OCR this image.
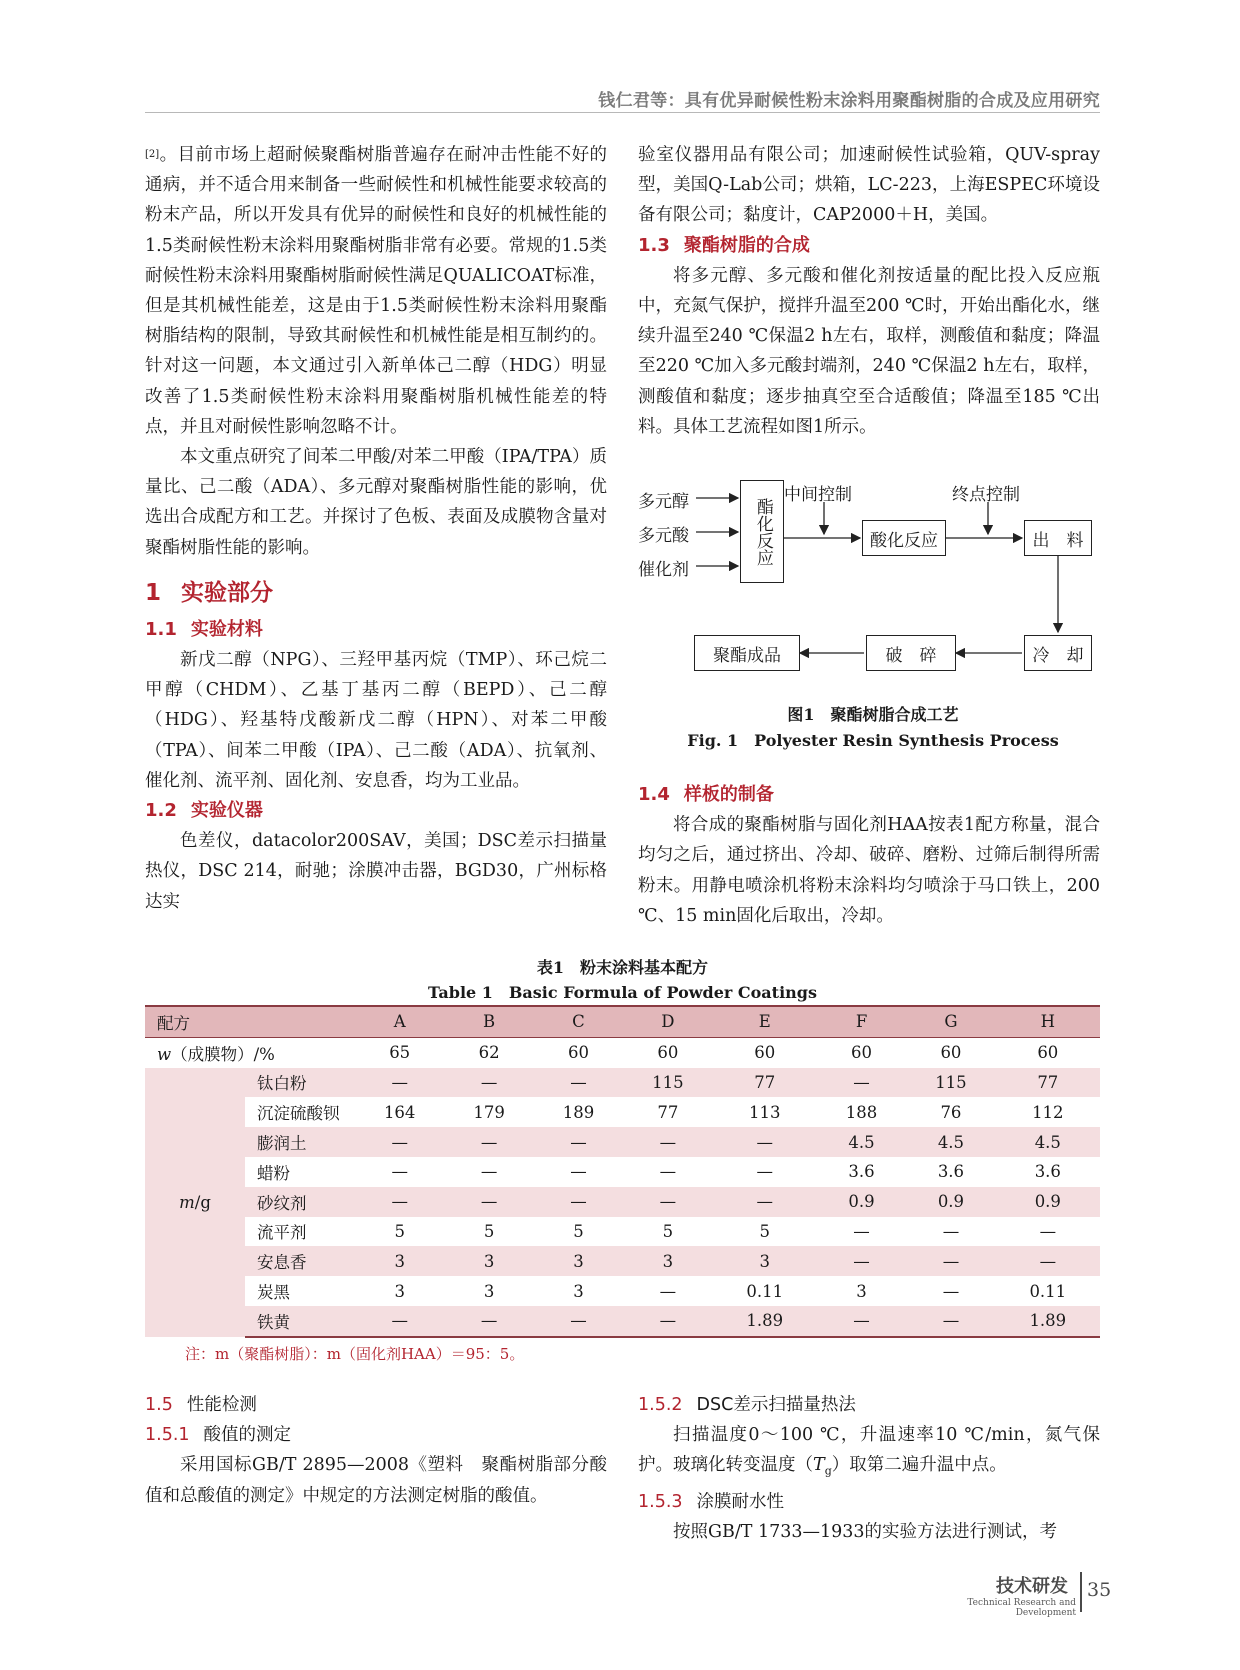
钱仁君等：具有优异耐候性粉末涂料用聚酯树脂的合成及应用研究

[2]。目前市场上超耐候聚酯树脂普遍存在耐冲击性能不好的通病，并不适合用来制备一些耐候性和机械性能要求较高的粉末产品，所以开发具有优异的耐候性和良好的机械性能的1.5类耐候性粉末涂料用聚酯树脂非常有必要。常规的1.5类耐候性粉末涂料用聚酯树脂耐候性满足QUALICOAT标准，但是其机械性能差，这是由于1.5类耐候性粉末涂料用聚酯树脂结构的限制，导致其耐候性和机械性能是相互制约的。针对这一问题，本文通过引入新单体己二醇（HDG）明显改善了1.5类耐候性粉末涂料用聚酯树脂机械性能差的特点，并且对耐候性影响忽略不计。

本文重点研究了间苯二甲酸/对苯二甲酸（IPA/TPA）质量比、己二酸（ADA）、多元醇对聚酯树脂性能的影响，优选出合成配方和工艺。并探讨了色板、表面及成膜物含量对聚酯树脂性能的影响。

1 实验部分
1.1 实验材料

新戊二醇（NPG）、三羟甲基丙烷（TMP）、环己烷二甲醇（CHDM）、乙基丁基丙二醇（BEPD）、己二醇（HDG）、羟基特戊酸新戊二醇（HPN）、对苯二甲酸（TPA）、间苯二甲酸（IPA）、己二酸（ADA）、抗氧剂、催化剂、流平剂、固化剂、安息香，均为工业品。

1.2 实验仪器

色差仪，datacolor200SAV，美国；DSC差示扫描量热仪，DSC 214，耐驰；涂膜冲击器，BGD30，广州标格达实

验室仪器用品有限公司；加速耐候性试验箱，QUV-spray型，美国Q-Lab公司；烘箱，LC-223，上海ESPEC环境设备有限公司；黏度计，CAP2000＋H，美国。

1.3 聚酯树脂的合成

将多元醇、多元酸和催化剂按适量的配比投入反应瓶中，充氮气保护，搅拌升温至200 ℃时，开始出酯化水，继续升温至240 ℃保温2 h左右，取样，测酸值和黏度；降温至220 ℃加入多元酸封端剂，240 ℃保温2 h左右，取样，测酸值和黏度；逐步抽真空至合适酸值；降温至185 ℃出料。具体工艺流程如图1所示。

多元醇
多元酸
催化剂
酯化反应
中间控制	终点控制
酸化反应	出　料
冷　却
破　碎
聚酯成品
图1　聚酯树脂合成工艺
Fig. 1　Polyester Resin Synthesis Process
1.4 样板的制备

将合成的聚酯树脂与固化剂HAA按表1配方称量，混合均匀之后，通过挤出、冷却、破碎、磨粉、过筛后制得所需粉末。用静电喷涂机将粉末涂料均匀喷涂于马口铁上，200 ℃、15 min固化后取出，冷却。

表1　粉末涂料基本配方
Table 1　Basic Formula of Powder Coatings
配方		A	B	C	D	E	F	G	H
w（成膜物）/%		65	62	60	60	60	60	60	60
m/g	钛白粉	—	—	—	115	77	—	115	77
	沉淀硫酸钡	164	179	189	77	113	188	76	112
	膨润土	—	—	—	—	—	4.5	4.5	4.5
	蜡粉	—	—	—	—	—	3.6	3.6	3.6
	砂纹剂	—	—	—	—	—	0.9	0.9	0.9
	流平剂	5	5	5	5	5	—	—	—
	安息香	3	3	3	3	3	—	—	—
	炭黑	3	3	3	—	0.11	3	—	0.11
	铁黄	—	—	—	—	1.89	—	—	1.89
注：m（聚酯树脂）：m（固化剂HAA）＝95：5。
1.5 性能检测
1.5.1 酸值的测定

采用国标GB/T 2895—2008《塑料　聚酯树脂部分酸值和总酸值的测定》中规定的方法测定树脂的酸值。

1.5.2 DSC差示扫描量热法

扫描温度0～100 ℃，升温速率10 ℃/min，氮气保护。玻璃化转变温度$(T_g)$取第二遍升温中点。

1.5.3 涂膜耐水性

按照GB/T 1733—1933的实验方法进行测试，考

技术研发
Technical Research and Development
35
